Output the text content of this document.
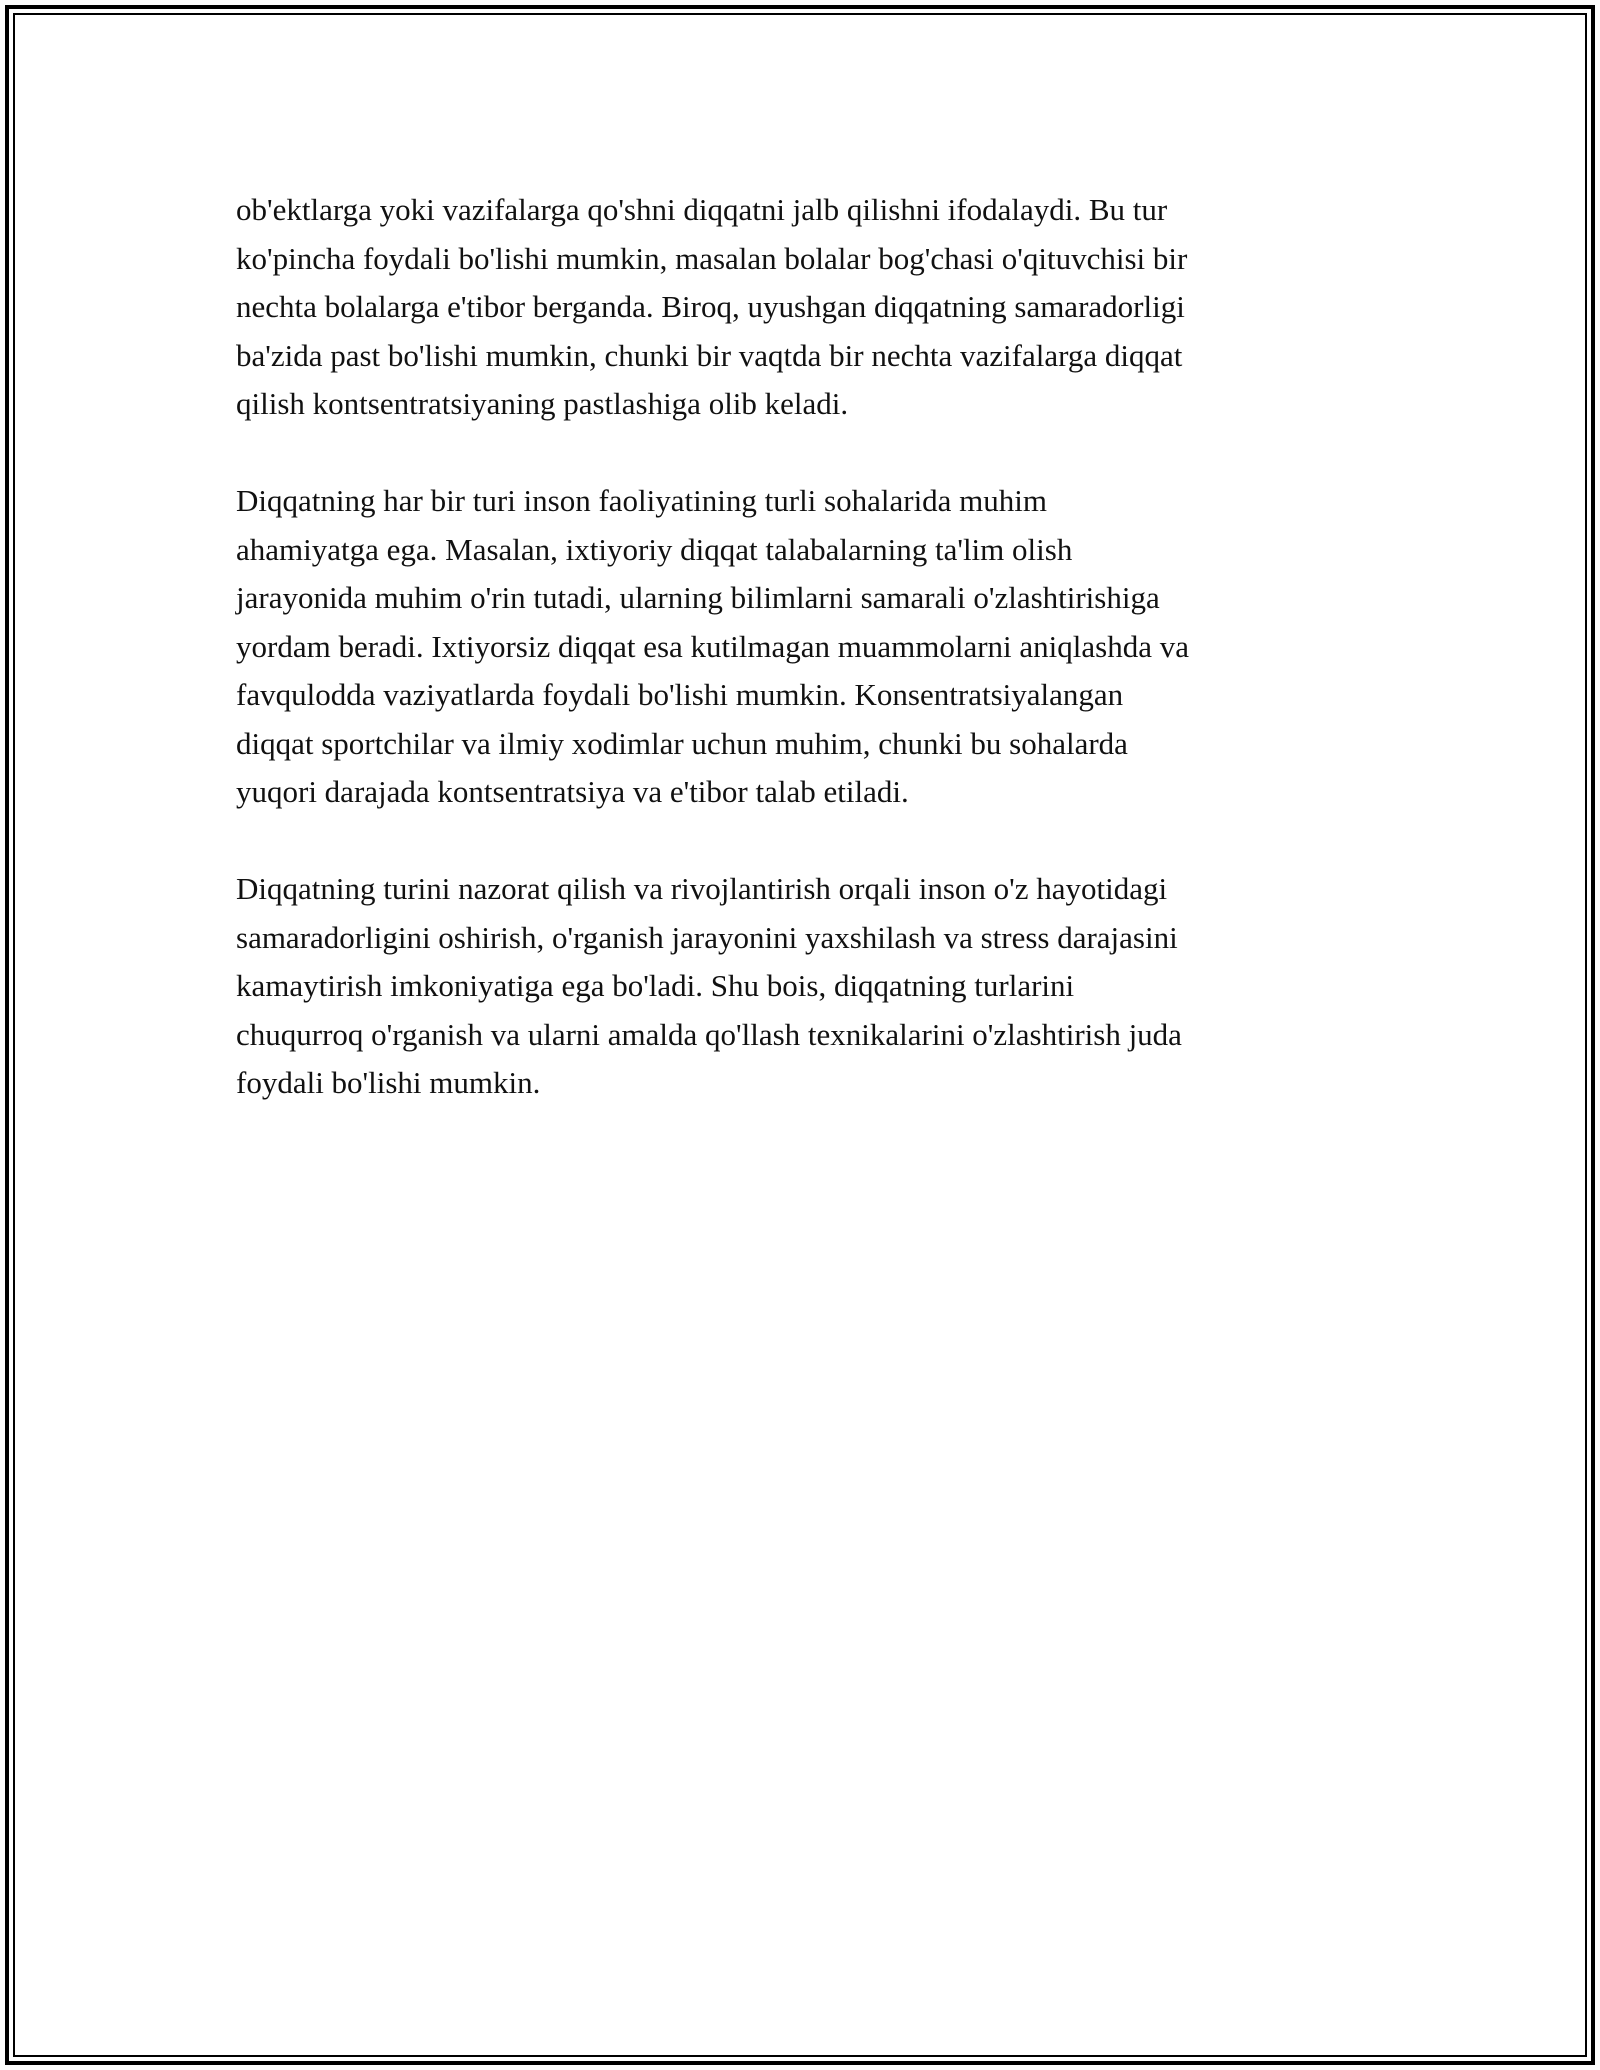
ob'ektlarga yoki vazifalarga qo'shni diqqatni jalb qilishni ifodalaydi. Bu tur
ko'pincha foydali bo'lishi mumkin, masalan bolalar bog'chasi o'qituvchisi bir
nechta bolalarga e'tibor berganda. Biroq, uyushgan diqqatning samaradorligi
ba'zida past bo'lishi mumkin, chunki bir vaqtda bir nechta vazifalarga diqqat
qilish kontsentratsiyaning pastlashiga olib keladi.

Diqqatning har bir turi inson faoliyatining turli sohalarida muhim
ahamiyatga ega. Masalan, ixtiyoriy diqqat talabalarning ta'lim olish
jarayonida muhim o'rin tutadi, ularning bilimlarni samarali o'zlashtirishiga
yordam beradi. Ixtiyorsiz diqqat esa kutilmagan muammolarni aniqlashda va
favqulodda vaziyatlarda foydali bo'lishi mumkin. Konsentratsiyalangan
diqqat sportchilar va ilmiy xodimlar uchun muhim, chunki bu sohalarda
yuqori darajada kontsentratsiya va e'tibor talab etiladi.

Diqqatning turini nazorat qilish va rivojlantirish orqali inson o'z hayotidagi
samaradorligini oshirish, o'rganish jarayonini yaxshilash va stress darajasini
kamaytirish imkoniyatiga ega bo'ladi. Shu bois, diqqatning turlarini
chuqurroq o'rganish va ularni amalda qo'llash texnikalarini o'zlashtirish juda
foydali bo'lishi mumkin.
